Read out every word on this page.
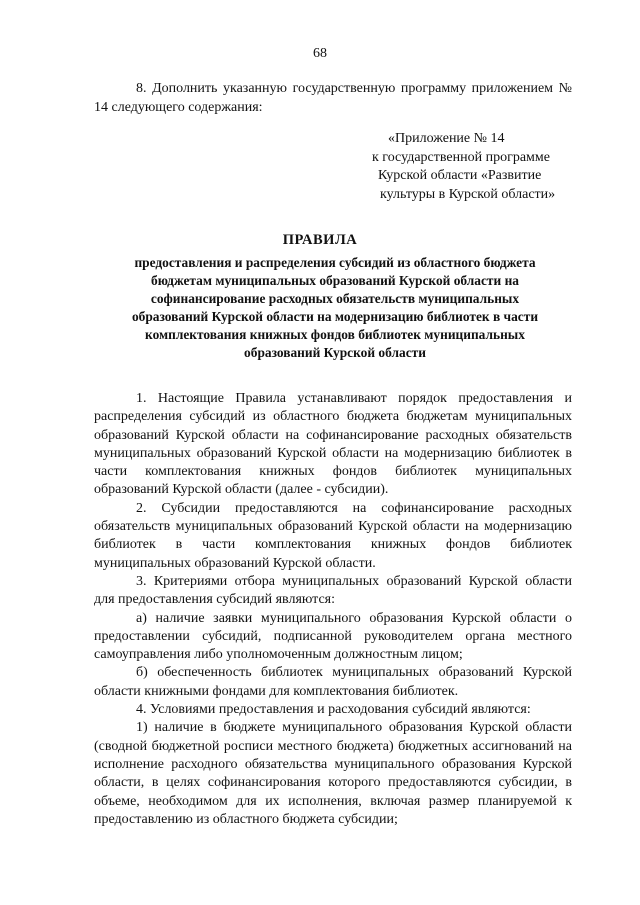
68

8. Дополнить указанную государственную программу приложением № 14 следующего содержания:

«Приложение № 14
к государственной программе
Курской области «Развитие
культуры в Курской области»
ПРАВИЛА
предоставления и распределения субсидий из областного бюджета
бюджетам муниципальных образований Курской области на
софинансирование расходных обязательств муниципальных
образований Курской области на модернизацию библиотек в части
комплектования книжных фондов библиотек муниципальных
образований Курской области

1. Настоящие Правила устанавливают порядок предоставления и распределения субсидий из областного бюджета бюджетам муниципальных образований Курской области на софинансирование расходных обязательств муниципальных образований Курской области на модернизацию библиотек в части комплектования книжных фондов библиотек муниципальных образований Курской области (далее - субсидии).

2. Субсидии предоставляются на софинансирование расходных обязательств муниципальных образований Курской области на модернизацию библиотек в части комплектования книжных фондов библиотек муниципальных образований Курской области.

3. Критериями отбора муниципальных образований Курской области для предоставления субсидий являются:

а) наличие заявки муниципального образования Курской области о предоставлении субсидий, подписанной руководителем органа местного самоуправления либо уполномоченным должностным лицом;

б) обеспеченность библиотек муниципальных образований Курской области книжными фондами для комплектования библиотек.

4. Условиями предоставления и расходования субсидий являются:

1) наличие в бюджете муниципального образования Курской области (сводной бюджетной росписи местного бюджета) бюджетных ассигнований на исполнение расходного обязательства муниципального образования Курской области, в целях софинансирования которого предоставляются субсидии, в объеме, необходимом для их исполнения, включая размер планируемой к предоставлению из областного бюджета субсидии;
